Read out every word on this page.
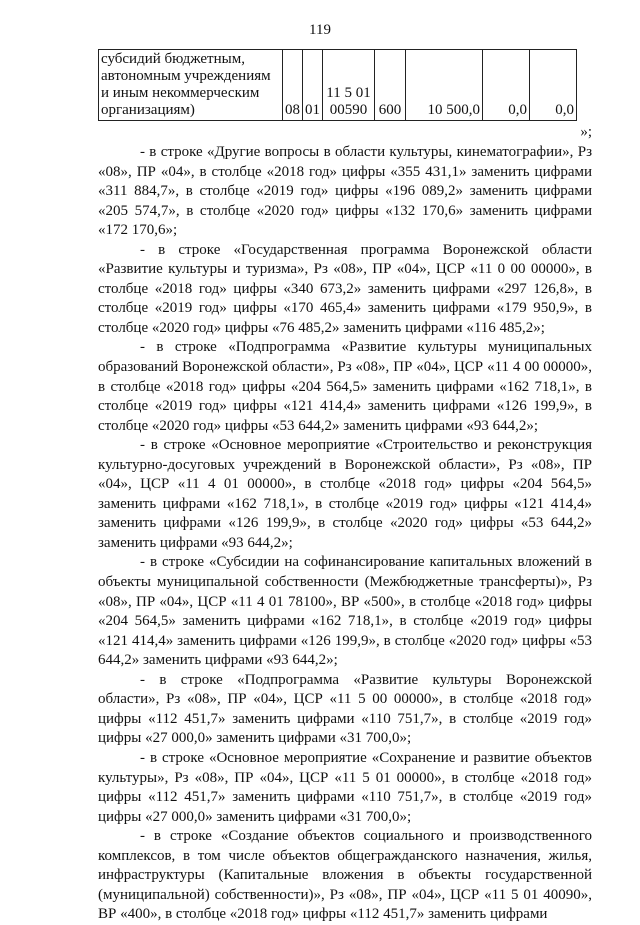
119
субсидий бюджетным, автономным учреждениям и иным некоммерческим организациям)	08	01	11 5 01 00590	600	10 500,0	0,0	0,0
»;

- в строке «Другие вопросы в области культуры, кинематографии», Рз «08», ПР «04», в столбце «2018 год» цифры «355 431,1» заменить цифрами «311 884,7», в столбце «2019 год» цифры «196 089,2» заменить цифрами «205 574,7», в столбце «2020 год» цифры «132 170,6» заменить цифрами «172 170,6»;

- в строке «Государственная программа Воронежской области «Развитие культуры и туризма», Рз «08», ПР «04», ЦСР «11 0 00 00000», в столбце «2018 год» цифры «340 673,2» заменить цифрами «297 126,8», в столбце «2019 год» цифры «170 465,4» заменить цифрами «179 950,9», в столбце «2020 год» цифры «76 485,2» заменить цифрами «116 485,2»;

- в строке «Подпрограмма «Развитие культуры муниципальных образований Воронежской области», Рз «08», ПР «04», ЦСР «11 4 00 00000», в столбце «2018 год» цифры «204 564,5» заменить цифрами «162 718,1», в столбце «2019 год» цифры «121 414,4» заменить цифрами «126 199,9», в столбце «2020 год» цифры «53 644,2» заменить цифрами «93 644,2»;

- в строке «Основное мероприятие «Строительство и реконструкция культурно-досуговых учреждений в Воронежской области», Рз «08», ПР «04», ЦСР «11 4 01 00000», в столбце «2018 год» цифры «204 564,5» заменить цифрами «162 718,1», в столбце «2019 год» цифры «121 414,4» заменить цифрами «126 199,9», в столбце «2020 год» цифры «53 644,2» заменить цифрами «93 644,2»;

- в строке «Субсидии на софинансирование капитальных вложений в объекты муниципальной собственности (Межбюджетные трансферты)», Рз «08», ПР «04», ЦСР «11 4 01 78100», ВР «500», в столбце «2018 год» цифры «204 564,5» заменить цифрами «162 718,1», в столбце «2019 год» цифры «121 414,4» заменить цифрами «126 199,9», в столбце «2020 год» цифры «53 644,2» заменить цифрами «93 644,2»;

- в строке «Подпрограмма «Развитие культуры Воронежской области», Рз «08», ПР «04», ЦСР «11 5 00 00000», в столбце «2018 год» цифры «112 451,7» заменить цифрами «110 751,7», в столбце «2019 год» цифры «27 000,0» заменить цифрами «31 700,0»;

- в строке «Основное мероприятие «Сохранение и развитие объектов культуры», Рз «08», ПР «04», ЦСР «11 5 01 00000», в столбце «2018 год» цифры «112 451,7» заменить цифрами «110 751,7», в столбце «2019 год» цифры «27 000,0» заменить цифрами «31 700,0»;

- в строке «Создание объектов социального и производственного комплексов, в том числе объектов общегражданского назначения, жилья, инфраструктуры (Капитальные вложения в объекты государственной (муниципальной) собственности)», Рз «08», ПР «04», ЦСР «11 5 01 40090», ВР «400», в столбце «2018 год» цифры «112 451,7» заменить цифрами
